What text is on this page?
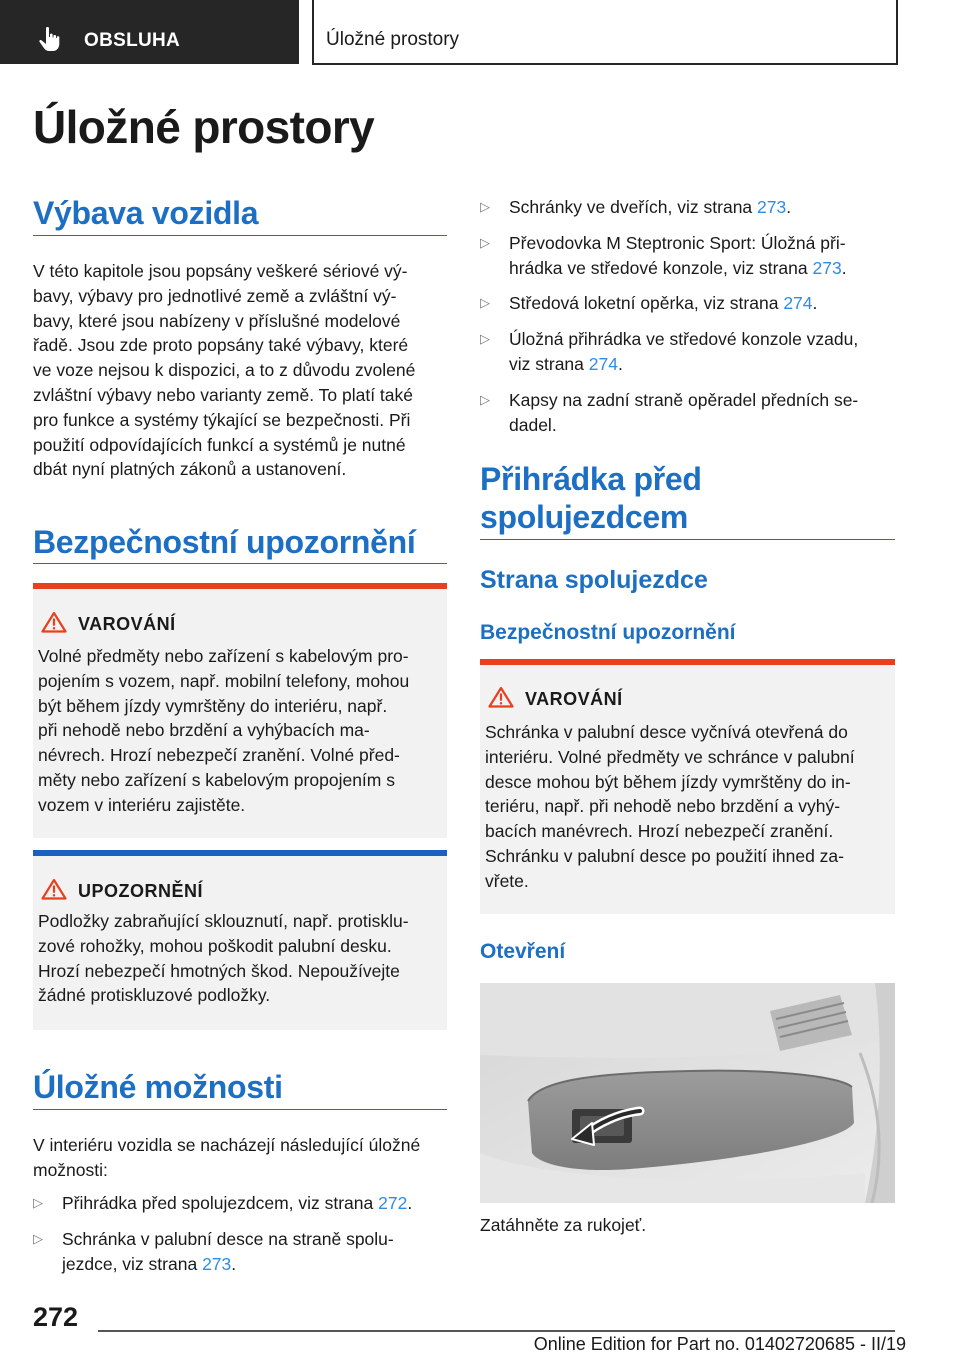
OBSLUHA	Úložné prostory
Úložné prostory
Výbava vozidla

V této kapitole jsou popsány veškeré sériové vý‐
bavy, výbavy pro jednotlivé země a zvláštní vý‐
bavy, které jsou nabízeny v příslušné modelové
řadě. Jsou zde proto popsány také výbavy, které
ve voze nejsou k dispozici, a to z důvodu zvolené
zvláštní výbavy nebo varianty země. To platí také
pro funkce a systémy týkající se bezpečnosti. Při
použití odpovídajících funkcí a systémů je nutné
dbát nyní platných zákonů a ustanovení.

Bezpečnostní upozornění
VAROVÁNÍ

Volné předměty nebo zařízení s kabelovým pro‐
pojením s vozem, např. mobilní telefony, mohou
být během jízdy vymrštěny do interiéru, např.
při nehodě nebo brzdění a vyhýbacích ma‐
névrech. Hrozí nebezpečí zranění. Volné před‐
měty nebo zařízení s kabelovým propojením s
vozem v interiéru zajistěte.

UPOZORNĚNÍ

Podložky zabraňující sklouznutí, např. protisklu‐
zové rohožky, mohou poškodit palubní desku.
Hrozí nebezpečí hmotných škod. Nepoužívejte
žádné protiskluzové podložky.

Úložné možnosti

V interiéru vozidla se nacházejí následující úložné
možnosti:

▷ Přihrádka před spolujezdcem, viz strana 272.
▷ Schránka v palubní desce na straně spolu‐
jezdce, viz strana 273.
▷ Schránky ve dveřích, viz strana 273.
▷ Převodovka M Steptronic Sport: Úložná při‐
hrádka ve středové konzole, viz strana 273.
▷ Středová loketní opěrka, viz strana 274.
▷ Úložná přihrádka ve středové konzole vzadu,
viz strana 274.
▷ Kapsy na zadní straně opěradel předních se‐
dadel.
Přihrádka před
spolujezdcem
Strana spolujezdce
Bezpečnostní upozornění
VAROVÁNÍ

Schránka v palubní desce vyčnívá otevřená do
interiéru. Volné předměty ve schránce v palubní
desce mohou být během jízdy vymrštěny do in‐
teriéru, např. při nehodě nebo brzdění a vyhý‐
bacích manévrech. Hrozí nebezpečí zranění.
Schránku v palubní desce po použití ihned za‐
vřete.

Otevření
Zatáhněte za rukojeť.
272
Online Edition for Part no. 01402720685 - II/19
